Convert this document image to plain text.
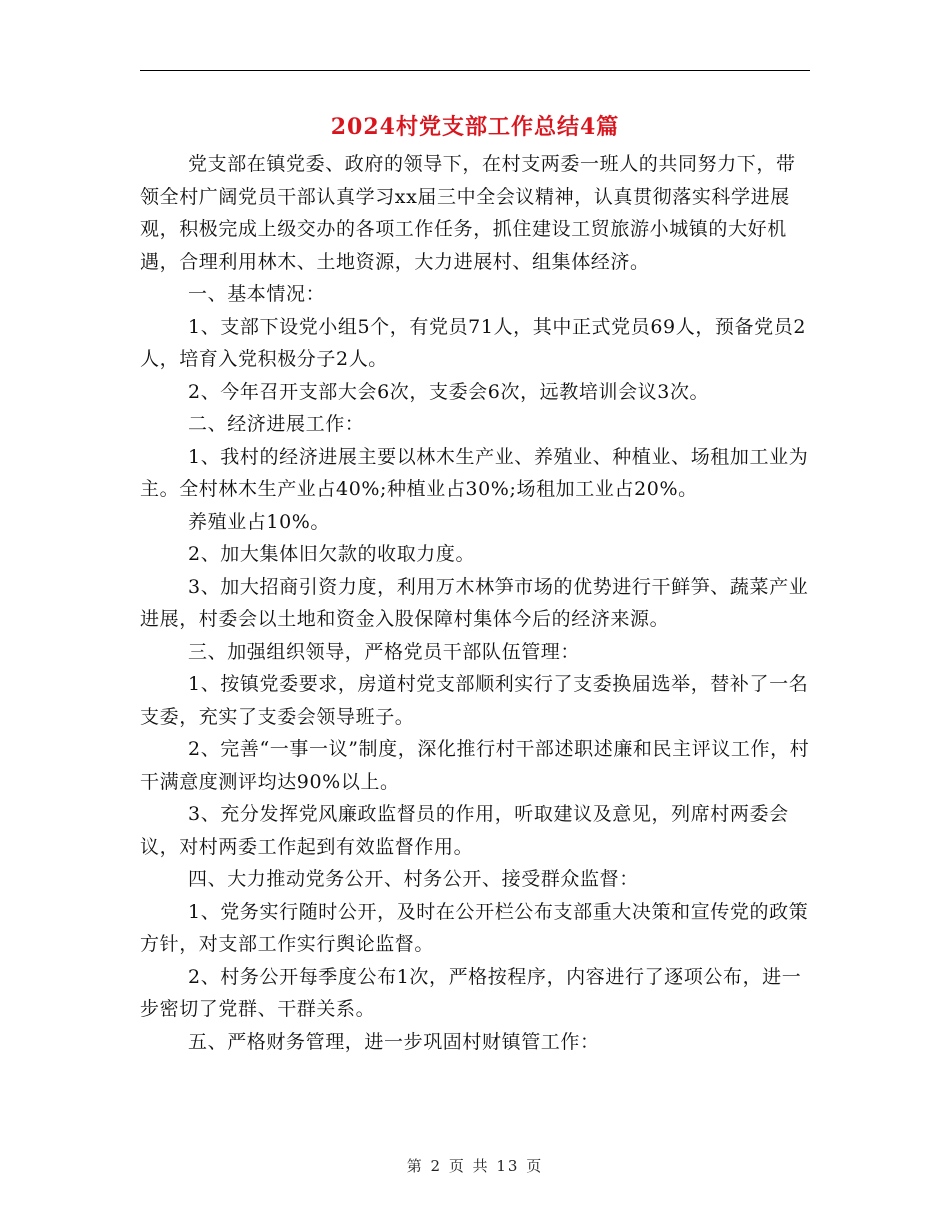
2024村党支部工作总结4篇

党支部在镇党委、政府的领导下，在村支两委一班人的共同努力下，带领全村广阔党员干部认真学习xx届三中全会议精神，认真贯彻落实科学进展观，积极完成上级交办的各项工作任务，抓住建设工贸旅游小城镇的大好机遇，合理利用林木、土地资源，大力进展村、组集体经济。

一、基本情况：

1、支部下设党小组5个，有党员71人，其中正式党员69人，预备党员2人，培育入党积极分子2人。

2、今年召开支部大会6次，支委会6次，远教培训会议3次。

二、经济进展工作：

1、我村的经济进展主要以林木生产业、养殖业、种植业、场租加工业为主。全村林木生产业占40%;种植业占30%;场租加工业占20%。

养殖业占10%。

2、加大集体旧欠款的收取力度。

3、加大招商引资力度，利用万木林笋市场的优势进行干鲜笋、蔬菜产业进展，村委会以土地和资金入股保障村集体今后的经济来源。

三、加强组织领导，严格党员干部队伍管理：

1、按镇党委要求，房道村党支部顺利实行了支委换届选举，替补了一名支委，充实了支委会领导班子。

2、完善“一事一议”制度，深化推行村干部述职述廉和民主评议工作，村干满意度测评均达90%以上。

3、充分发挥党风廉政监督员的作用，听取建议及意见，列席村两委会议，对村两委工作起到有效监督作用。

四、大力推动党务公开、村务公开、接受群众监督：

1、党务实行随时公开，及时在公开栏公布支部重大决策和宣传党的政策方针，对支部工作实行舆论监督。

2、村务公开每季度公布1次，严格按程序，内容进行了逐项公布，进一步密切了党群、干群关系。

五、严格财务管理，进一步巩固村财镇管工作：

第 2 页 共 13 页
